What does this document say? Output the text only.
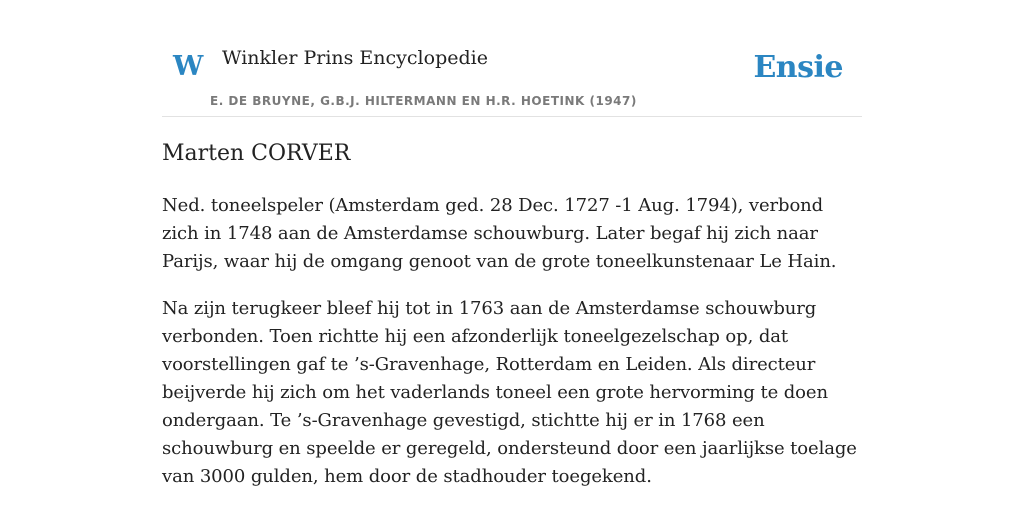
W Winkler Prins Encyclopedie	Ensie
E. DE BRUYNE, G.B.J. HILTERMANN EN H.R. HOETINK (1947)
Marten CORVER

Ned. toneelspeler (Amsterdam ged. 28 Dec. 1727 -1 Aug. 1794), verbond zich in 1748 aan de Amsterdamse schouwburg. Later begaf hij zich naar Parijs, waar hij de omgang genoot van de grote toneelkunstenaar Le Hain.

Na zijn terugkeer bleef hij tot in 1763 aan de Amsterdamse schouwburg verbonden. Toen richtte hij een afzonderlijk toneelgezelschap op, dat voorstellingen gaf te ’s-Gravenhage, Rotterdam en Leiden. Als directeur beijverde hij zich om het vaderlands toneel een grote hervorming te doen ondergaan. Te ’s-Gravenhage gevestigd, stichtte hij er in 1768 een schouwburg en speelde er geregeld, ondersteund door een jaarlijkse toelage van 3000 gulden, hem door de stadhouder toegekend.
